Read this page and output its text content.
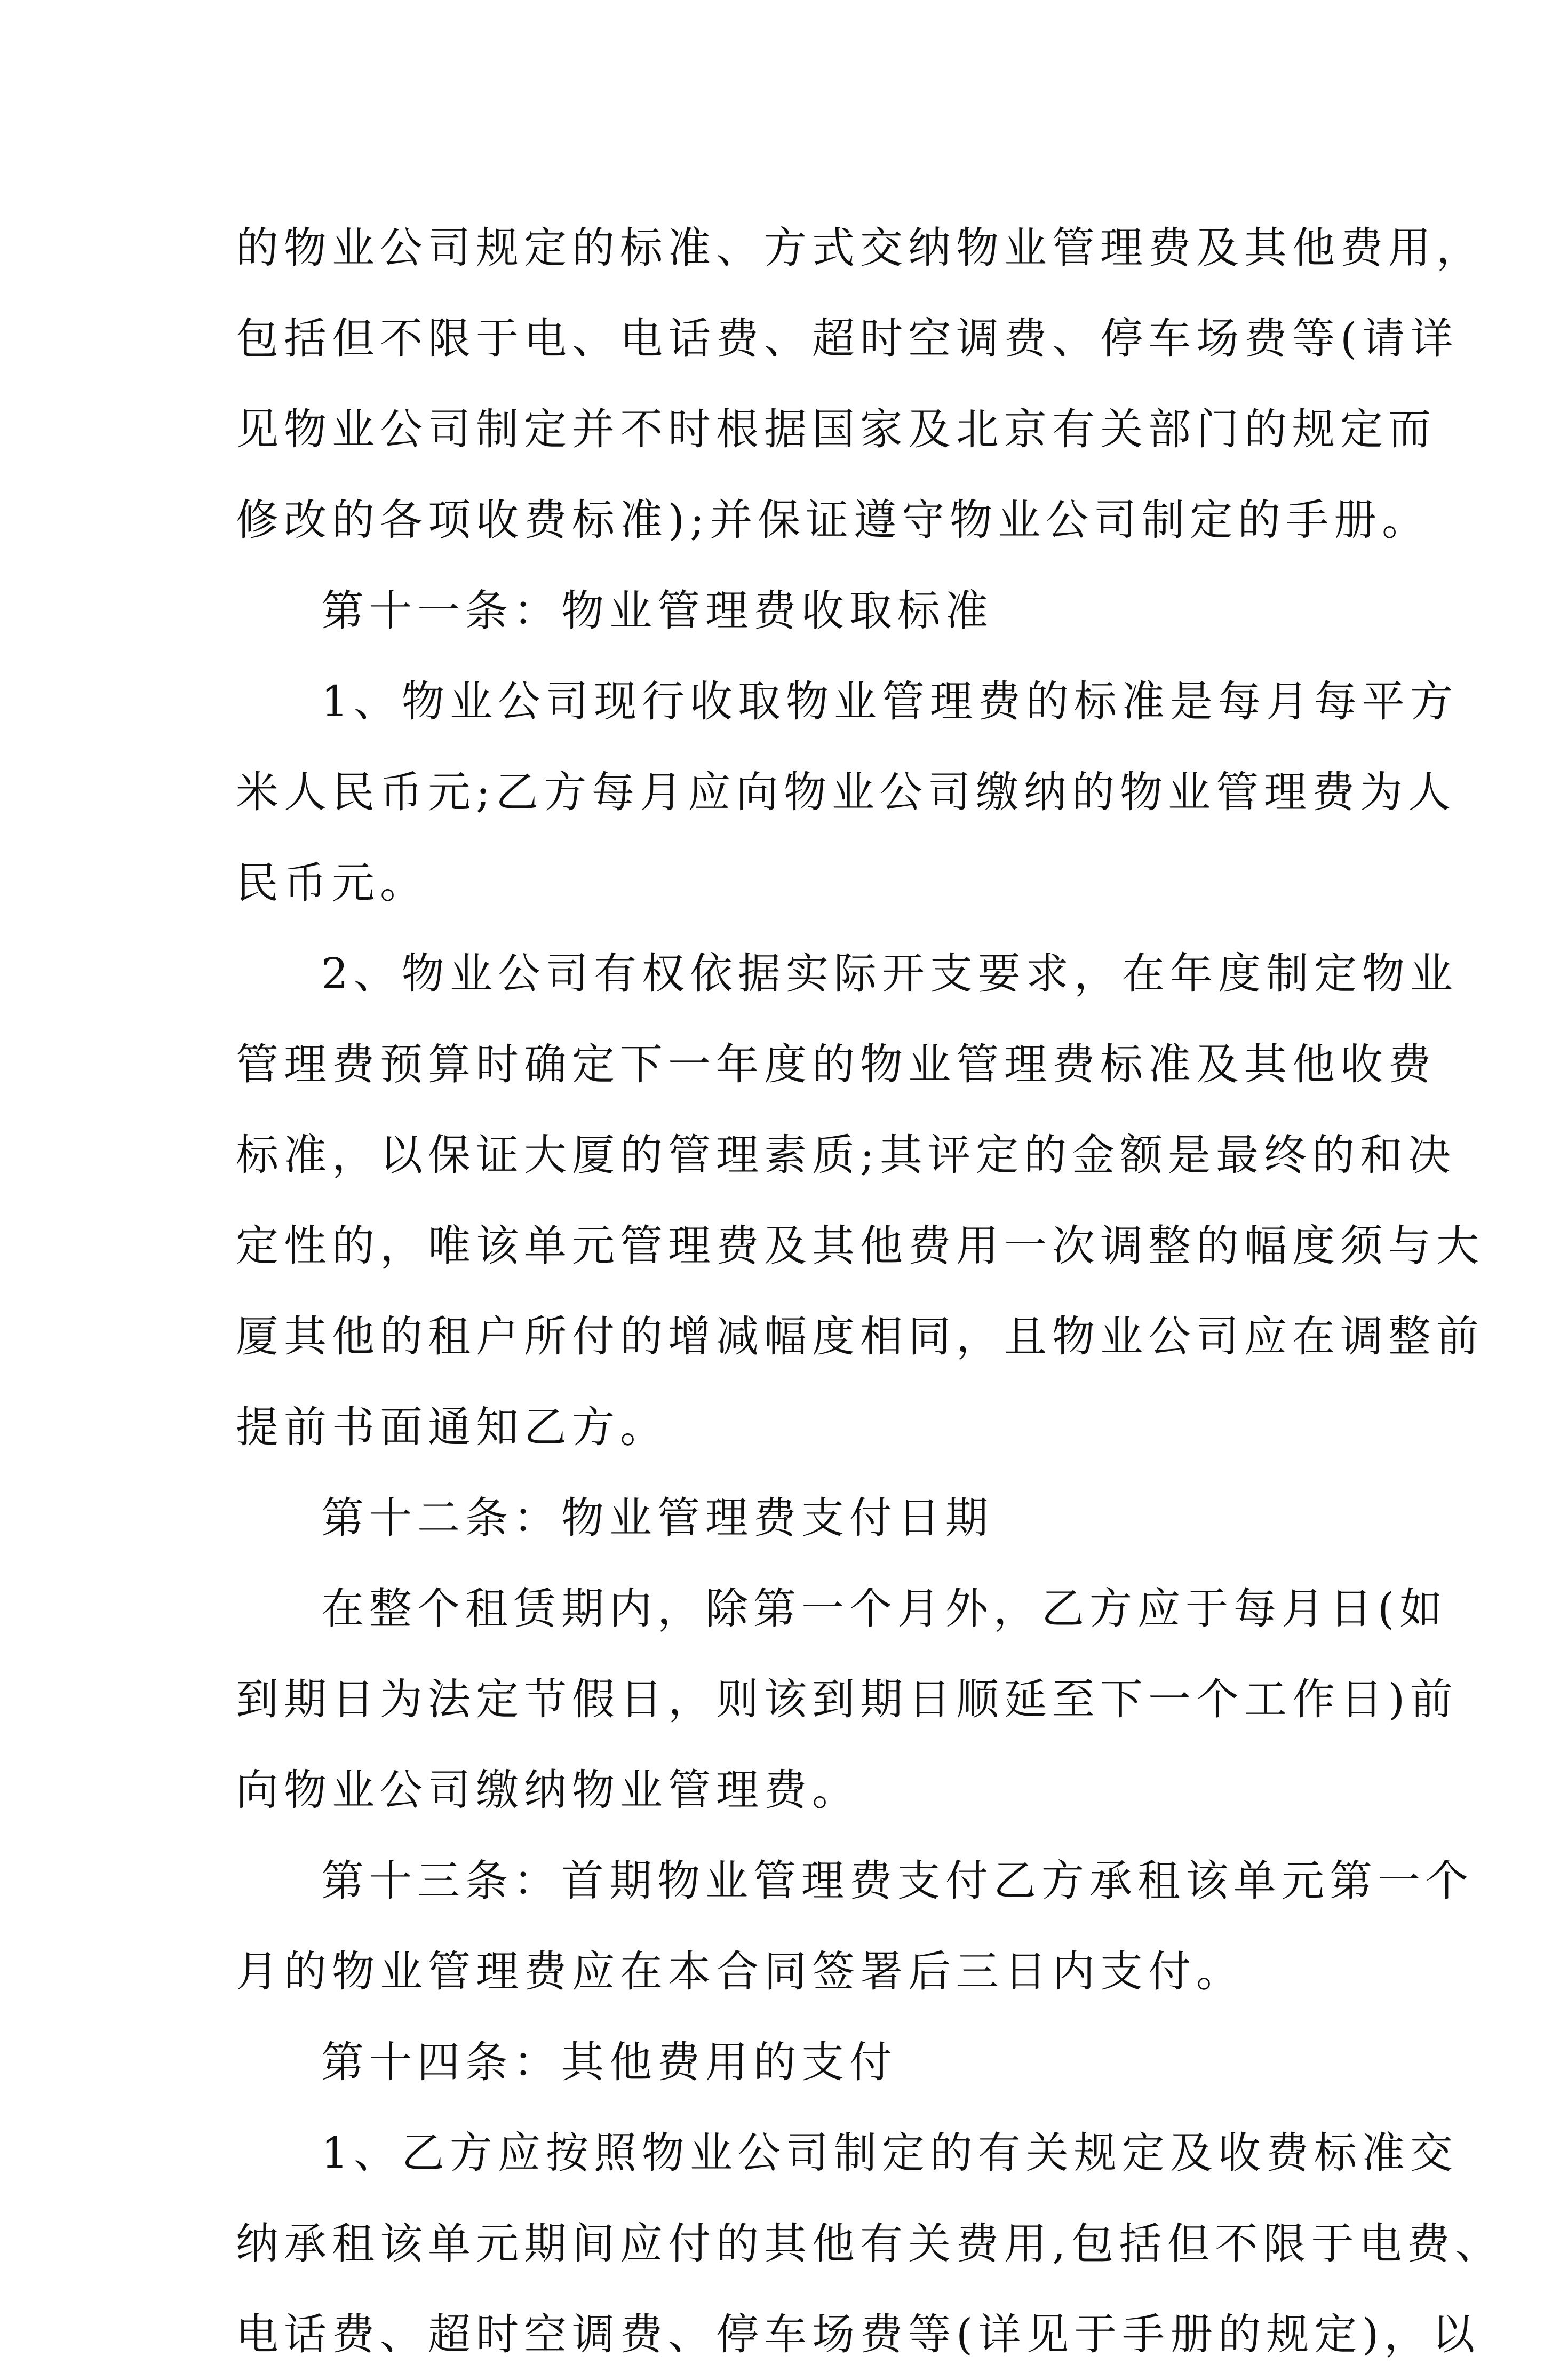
的物业公司规定的标准、方式交纳物业管理费及其他费用，
包括但不限于电、电话费、超时空调费、停车场费等(请详
见物业公司制定并不时根据国家及北京有关部门的规定而
修改的各项收费标准);并保证遵守物业公司制定的手册。
第十一条：物业管理费收取标准
1、物业公司现行收取物业管理费的标准是每月每平方
米人民币元;乙方每月应向物业公司缴纳的物业管理费为人
民币元。
2、物业公司有权依据实际开支要求，在年度制定物业
管理费预算时确定下一年度的物业管理费标准及其他收费
标准，以保证大厦的管理素质;其评定的金额是最终的和决
定性的，唯该单元管理费及其他费用一次调整的幅度须与大
厦其他的租户所付的增减幅度相同，且物业公司应在调整前
提前书面通知乙方。
第十二条：物业管理费支付日期
在整个租赁期内，除第一个月外，乙方应于每月日(如
到期日为法定节假日，则该到期日顺延至下一个工作日)前
向物业公司缴纳物业管理费。
第十三条：首期物业管理费支付乙方承租该单元第一个
月的物业管理费应在本合同签署后三日内支付。
第十四条：其他费用的支付
1、乙方应按照物业公司制定的有关规定及收费标准交
纳承租该单元期间应付的其他有关费用,包括但不限于电费、
电话费、超时空调费、停车场费等(详见于手册的规定)，以
